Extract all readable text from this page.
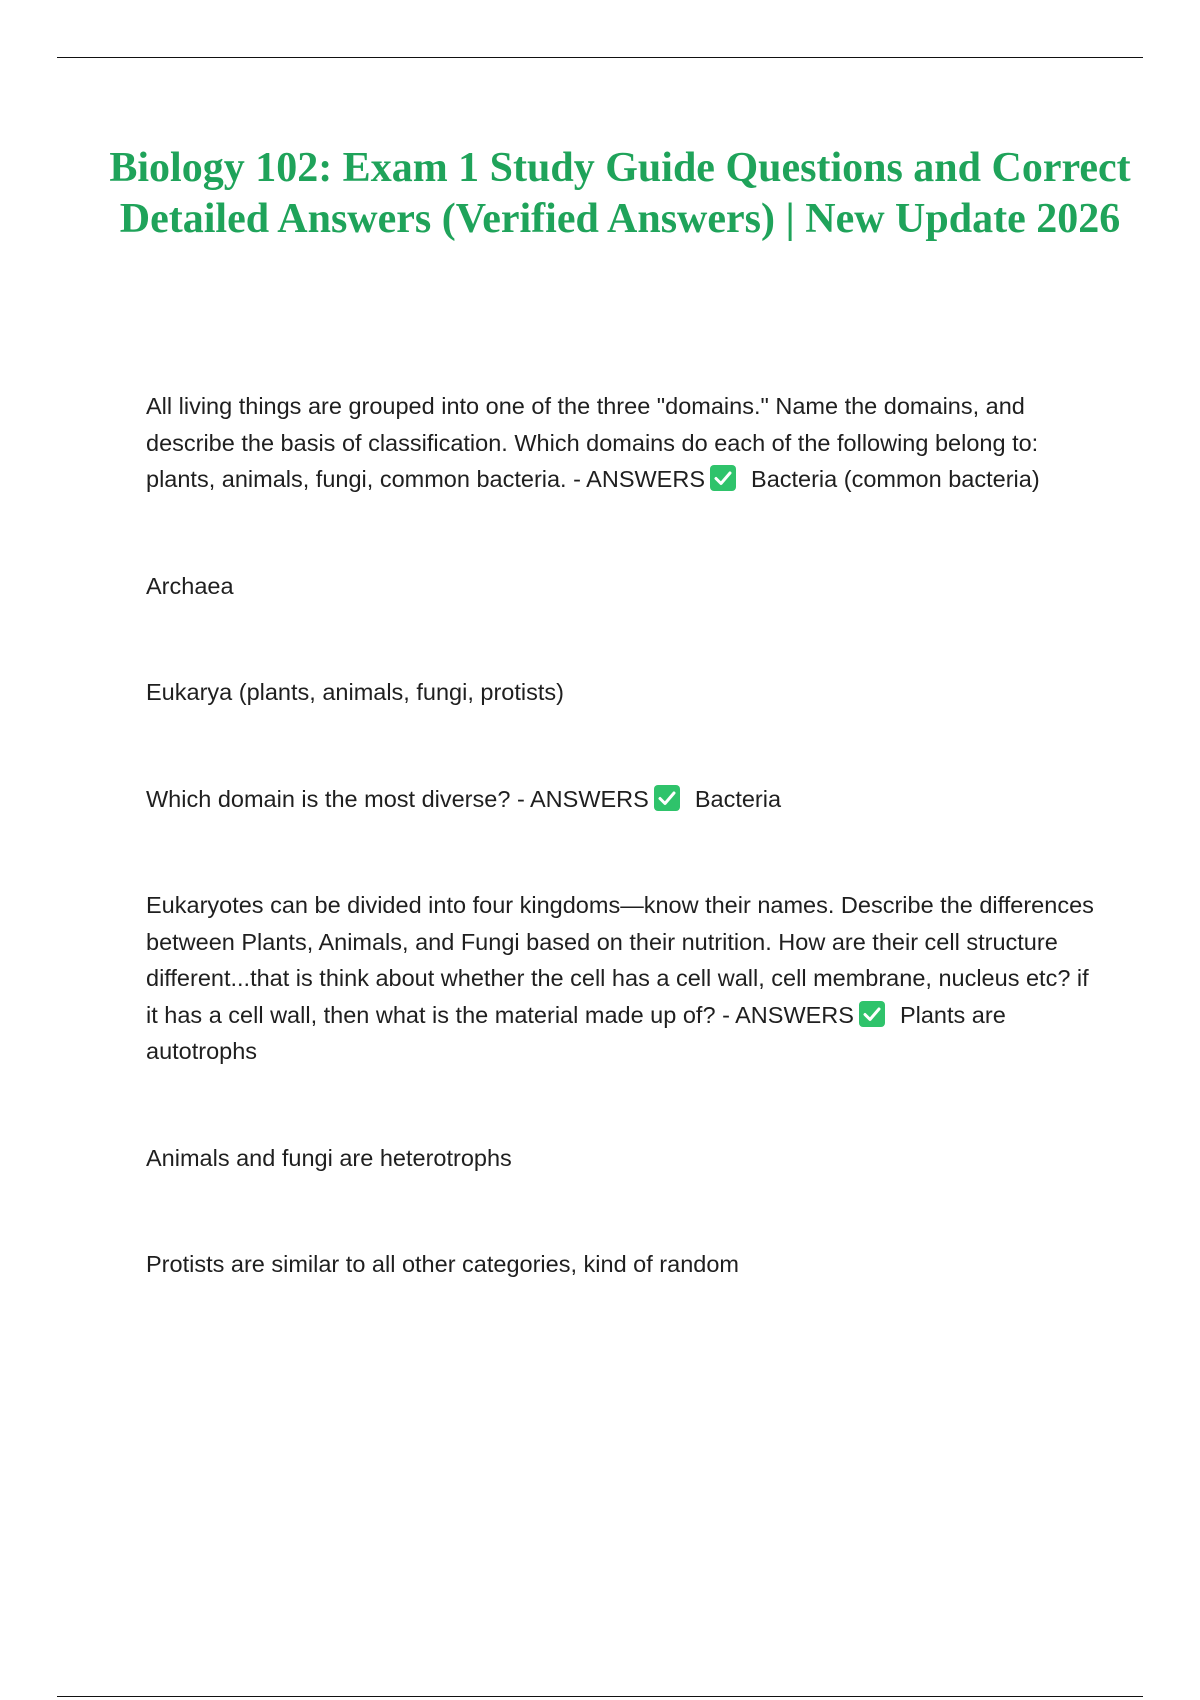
Biology 102: Exam 1 Study Guide Questions and Correct Detailed Answers (Verified Answers) | New Update 2026

All living things are grouped into one of the three "domains." Name the domains, and describe the basis of classification. Which domains do each of the following belong to: plants, animals, fungi, common bacteria. - ANSWERS Bacteria (common bacteria)

Archaea

Eukarya (plants, animals, fungi, protists)

Which domain is the most diverse? - ANSWERS Bacteria

Eukaryotes can be divided into four kingdoms—know their names. Describe the differences between Plants, Animals, and Fungi based on their nutrition. How are their cell structure different...that is think about whether the cell has a cell wall, cell membrane, nucleus etc? if it has a cell wall, then what is the material made up of? - ANSWERS Plants are autotrophs

Animals and fungi are heterotrophs

Protists are similar to all other categories, kind of random
